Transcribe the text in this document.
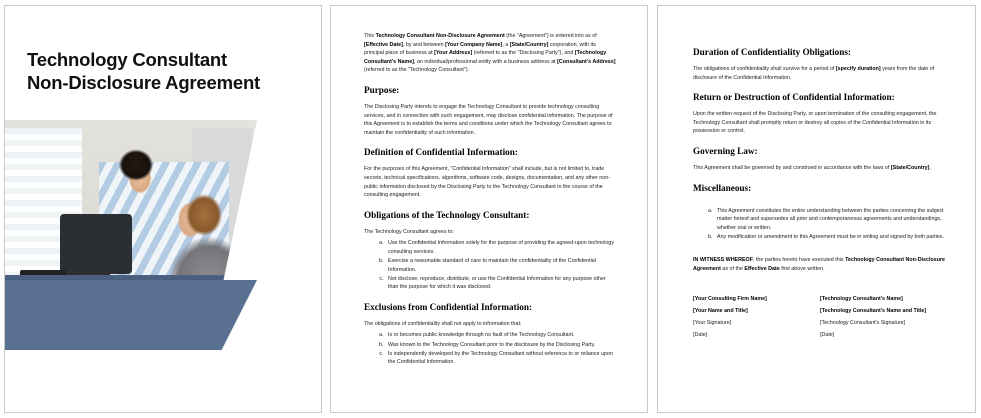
Technology Consultant
Non-Disclosure Agreement

This Technology Consultant Non-Disclosure Agreement (the "Agreement") is entered into as of [Effective Date], by and between [Your Company Name], a [State/Country] corporation, with its principal place of business at [Your Address] (referred to as the "Disclosing Party"), and [Technology Consultant's Name], an individual/professional entity with a business address at [Consultant's Address] (referred to as the "Technology Consultant").

Purpose:

The Disclosing Party intends to engage the Technology Consultant to provide technology consulting services, and in connection with such engagement, may disclose confidential information. The purpose of this Agreement is to establish the terms and conditions under which the Technology Consultant agrees to maintain the confidentiality of such information.

Definition of Confidential Information:

For the purposes of this Agreement, "Confidential Information" shall include, but is not limited to, trade secrets, technical specifications, algorithms, software code, designs, documentation, and any other non-public information disclosed by the Disclosing Party to the Technology Consultant in the course of the consulting engagement.

Obligations of the Technology Consultant:

The Technology Consultant agrees to:

a. Use the Confidential Information solely for the purpose of providing the agreed-upon technology consulting services.
b. Exercise a reasonable standard of care to maintain the confidentiality of the Confidential Information.
c. Not disclose, reproduce, distribute, or use the Confidential Information for any purpose other than the purpose for which it was disclosed.
Exclusions from Confidential Information:

The obligations of confidentiality shall not apply to information that:

a. Is or becomes public knowledge through no fault of the Technology Consultant.
b. Was known to the Technology Consultant prior to the disclosure by the Disclosing Party.
c. Is independently developed by the Technology Consultant without reference to or reliance upon the Confidential Information.
Duration of Confidentiality Obligations:

The obligations of confidentiality shall survive for a period of [specify duration] years from the date of disclosure of the Confidential Information.

Return or Destruction of Confidential Information:

Upon the written request of the Disclosing Party, or upon termination of the consulting engagement, the Technology Consultant shall promptly return or destroy all copies of the Confidential Information in its possession or control.

Governing Law:

This Agreement shall be governed by and construed in accordance with the laws of [State/Country].

Miscellaneous:
a. This Agreement constitutes the entire understanding between the parties concerning the subject matter hereof and supersedes all prior and contemporaneous agreements and understandings, whether oral or written.
b. Any modification or amendment to this Agreement must be in writing and signed by both parties.

IN WITNESS WHEREOF, the parties hereto have executed this Technology Consultant Non-Disclosure Agreement as of the Effective Date first above written.

[Your Consulting Firm Name]
[Your Name and Title]
[Your Signature]
[Date]
[Technology Consultant's Name]
[Technology Consultant's Name and Title]
[Technology Consultant's Signature]
[Date]
